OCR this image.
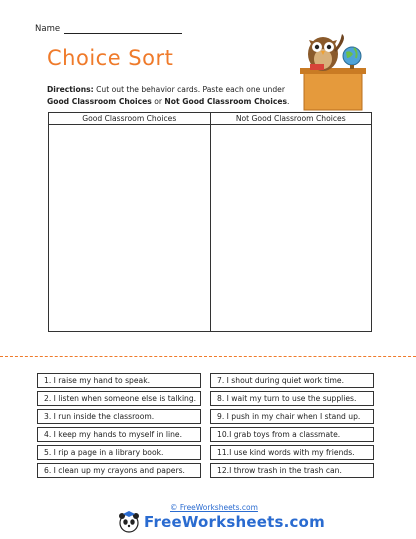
Name
Choice Sort
Directions: Cut out the behavior cards. Paste each one under
Good Classroom Choices or Not Good Classroom Choices.
Good Classroom Choices	Not Good Classroom Choices
1. I raise my hand to speak.
2. I listen when someone else is talking.
3. I run inside the classroom.
4. I keep my hands to myself in line.
5. I rip a page in a library book.
6. I clean up my crayons and papers.
7. I shout during quiet work time.
8. I wait my turn to use the supplies.
9. I push in my chair when I stand up.
10.I grab toys from a classmate.
11.I use kind words with my friends.
12.I throw trash in the trash can.
© FreeWorksheets.com
FreeWorksheets.com
